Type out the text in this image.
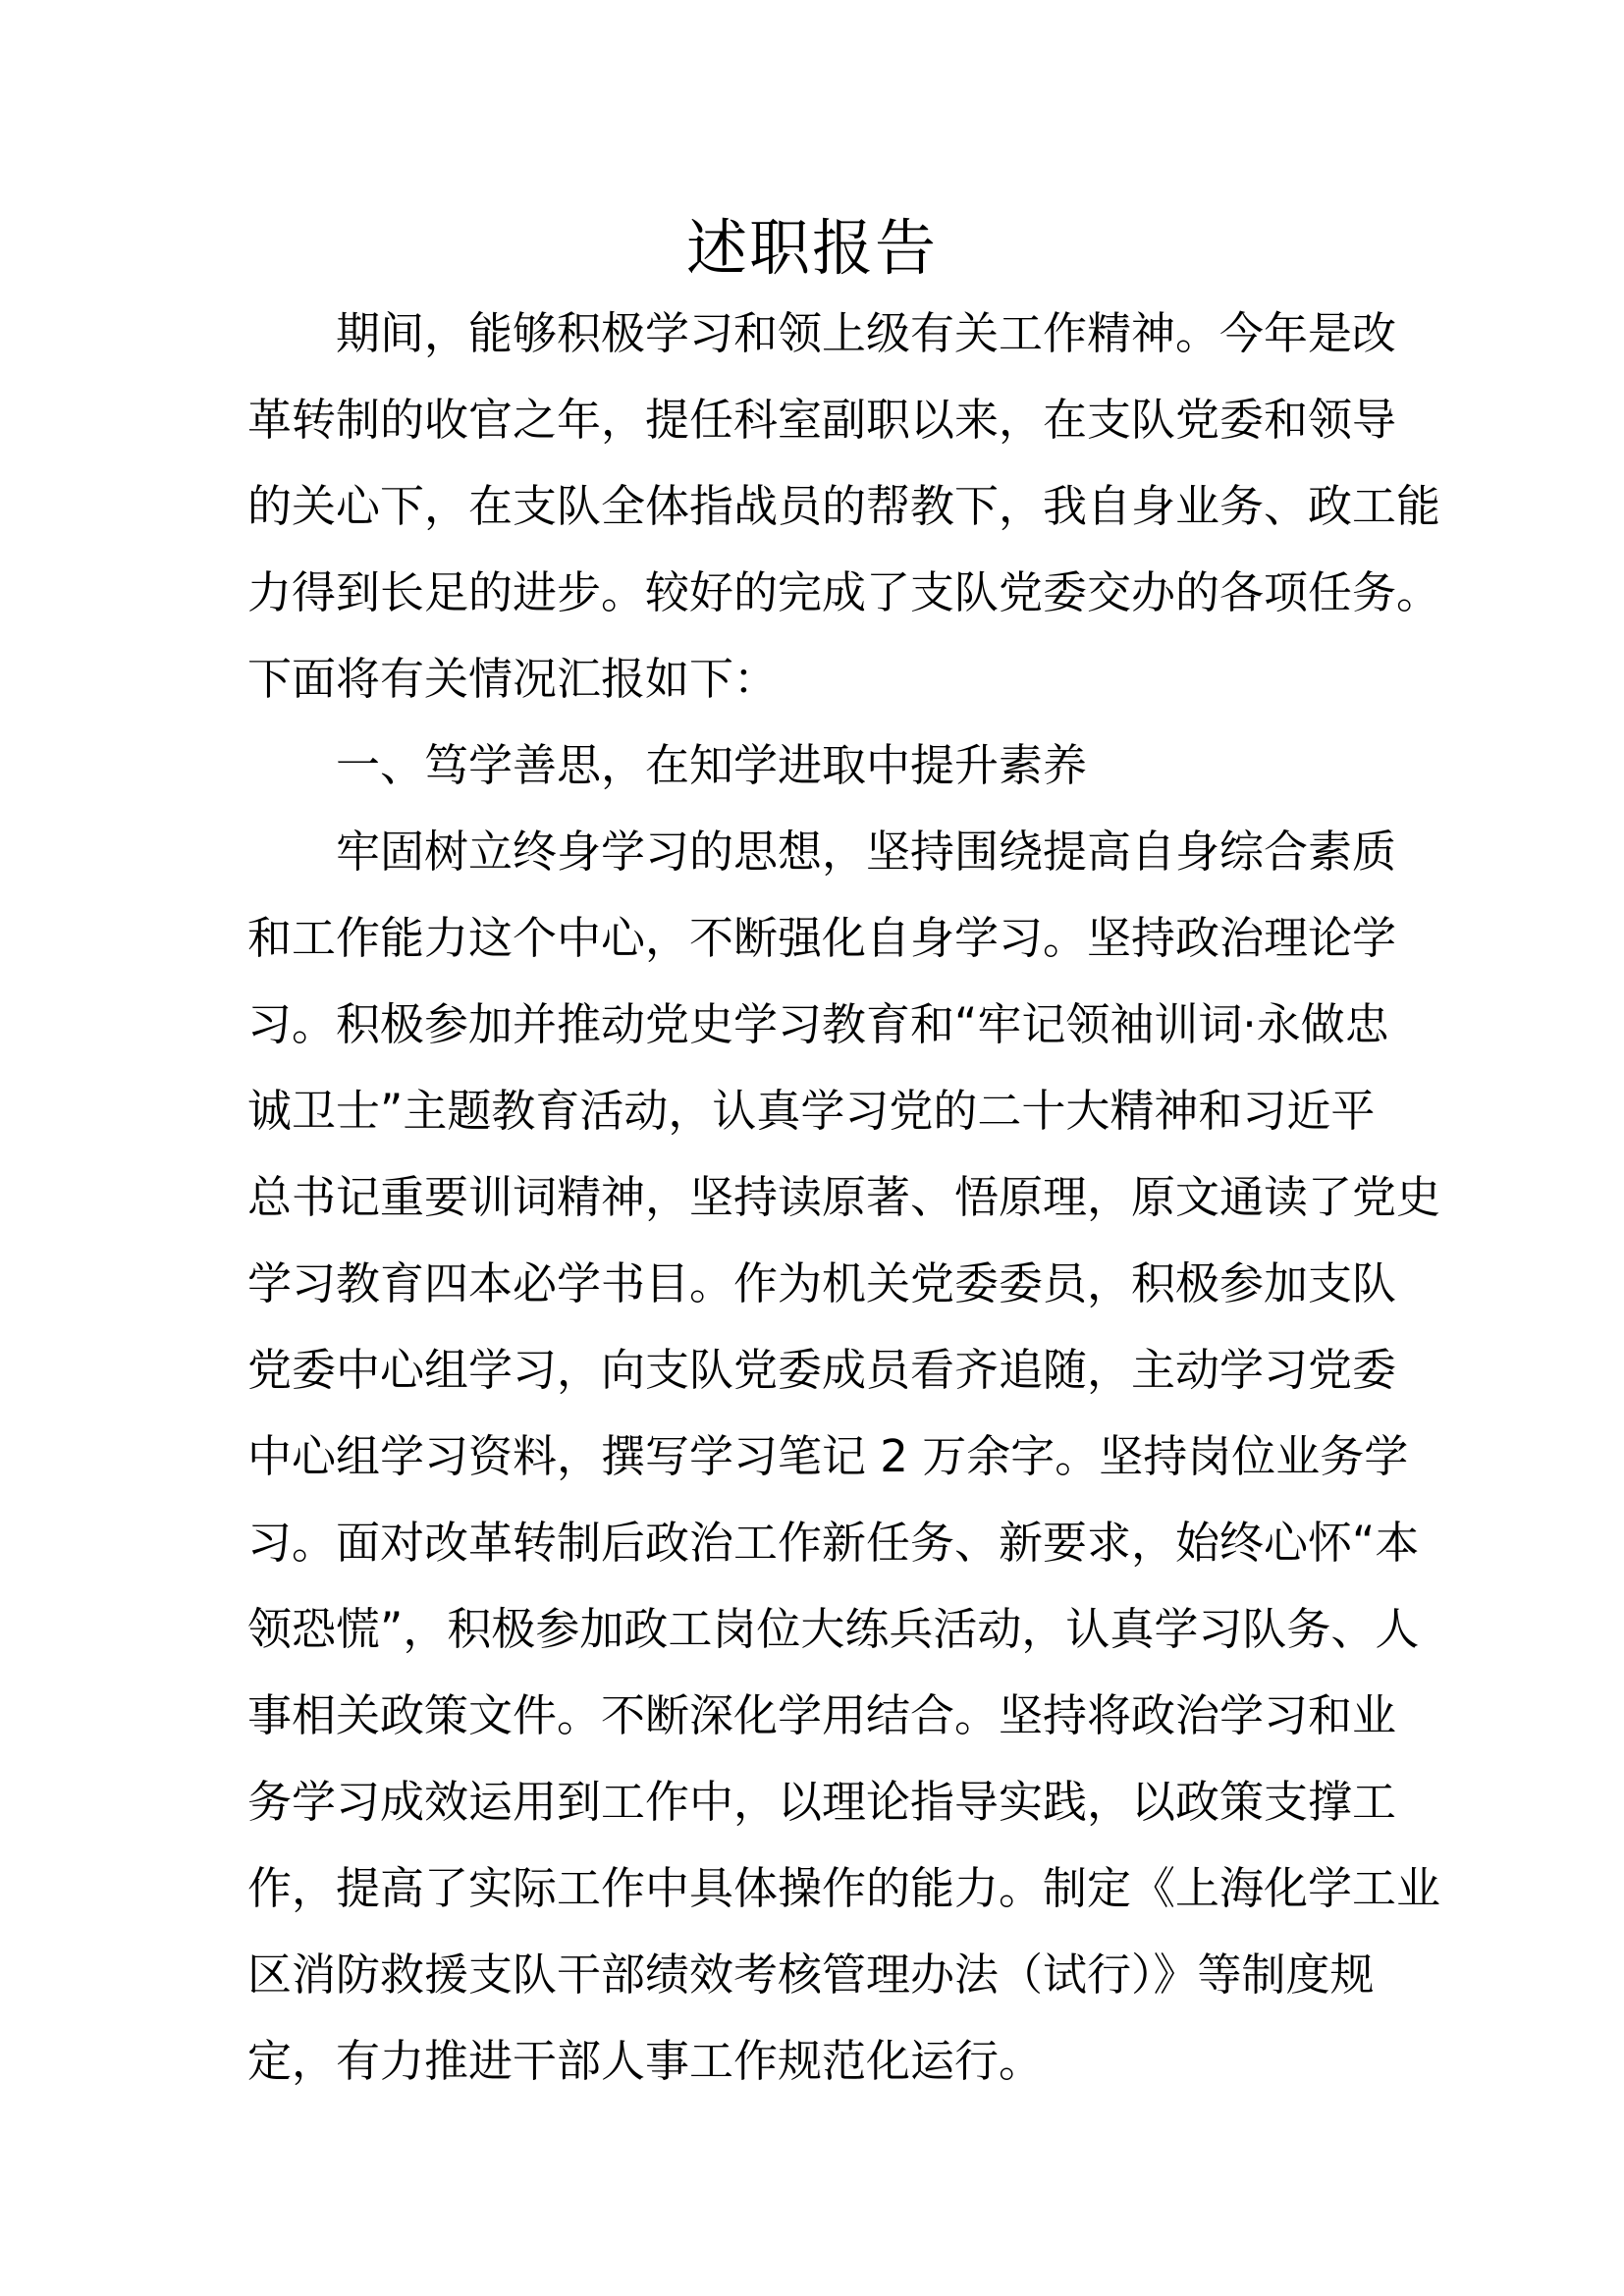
述职报告

期间，能够积极学习和领上级有关工作精神。今年是改

革转制的收官之年，提任科室副职以来，在支队党委和领导

的关心下，在支队全体指战员的帮教下，我自身业务、政工能

力得到长足的进步。较好的完成了支队党委交办的各项任务。

下面将有关情况汇报如下：

一、笃学善思，在知学进取中提升素养

牢固树立终身学习的思想，坚持围绕提高自身综合素质

和工作能力这个中心，不断强化自身学习。坚持政治理论学

习。积极参加并推动党史学习教育和“牢记领袖训词·永做忠

诚卫士”主题教育活动，认真学习党的二十大精神和习近平

总书记重要训词精神，坚持读原著、悟原理，原文通读了党史

学习教育四本必学书目。作为机关党委委员，积极参加支队

党委中心组学习，向支队党委成员看齐追随，主动学习党委

中心组学习资料，撰写学习笔记 2 万余字。坚持岗位业务学

习。面对改革转制后政治工作新任务、新要求，始终心怀“本

领恐慌”，积极参加政工岗位大练兵活动，认真学习队务、人

事相关政策文件。不断深化学用结合。坚持将政治学习和业

务学习成效运用到工作中，以理论指导实践，以政策支撑工

作，提高了实际工作中具体操作的能力。制定《上海化学工业

区消防救援支队干部绩效考核管理办法（试行）》等制度规

定，有力推进干部人事工作规范化运行。
